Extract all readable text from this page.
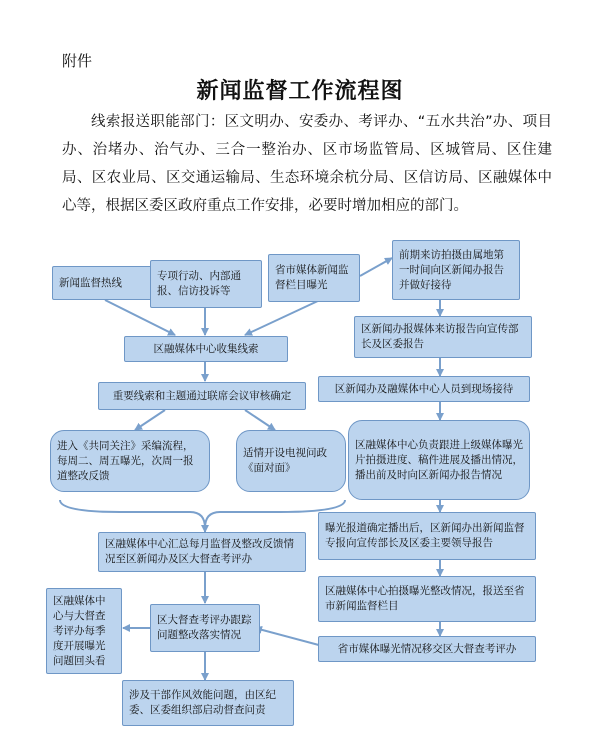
附件
新闻监督工作流程图
线索报送职能部门：区文明办、安委办、考评办、“五水共治”办、项目办、治堵办、治气办、三合一整治办、区市场监管局、区城管局、区住建局、区农业局、区交通运输局、生态环境余杭分局、区信访局、区融媒体中心等，根据区委区政府重点工作安排，必要时增加相应的部门。
新闻监督热线
专项行动、内部通报、信访投诉等
省市媒体新闻监督栏目曝光
前期来访拍摄由属地第一时间向区新闻办报告并做好接待
区融媒体中心收集线索
区新闻办报媒体来访报告向宣传部长及区委报告
重要线索和主题通过联席会议审核确定
区新闻办及融媒体中心人员到现场接待
进入《共同关注》采编流程，每周二、周五曝光，次周一报道整改反馈
适情开设电视问政《面对面》
区融媒体中心负责跟进上级媒体曝光片拍摄进度、稿件进展及播出情况，播出前及时向区新闻办报告情况
曝光报道确定播出后，区新闻办出新闻监督专报向宣传部长及区委主要领导报告
区融媒体中心汇总每月监督及整改反馈情况至区新闻办及区大督查考评办
区融媒体中心拍摄曝光整改情况，报送至省市新闻监督栏目
区融媒体中心与大督查考评办每季度开展曝光问题回头看
区大督查考评办跟踪问题整改落实情况
省市媒体曝光情况移交区大督查考评办
涉及干部作风效能问题，由区纪委、区委组织部启动督查问责
